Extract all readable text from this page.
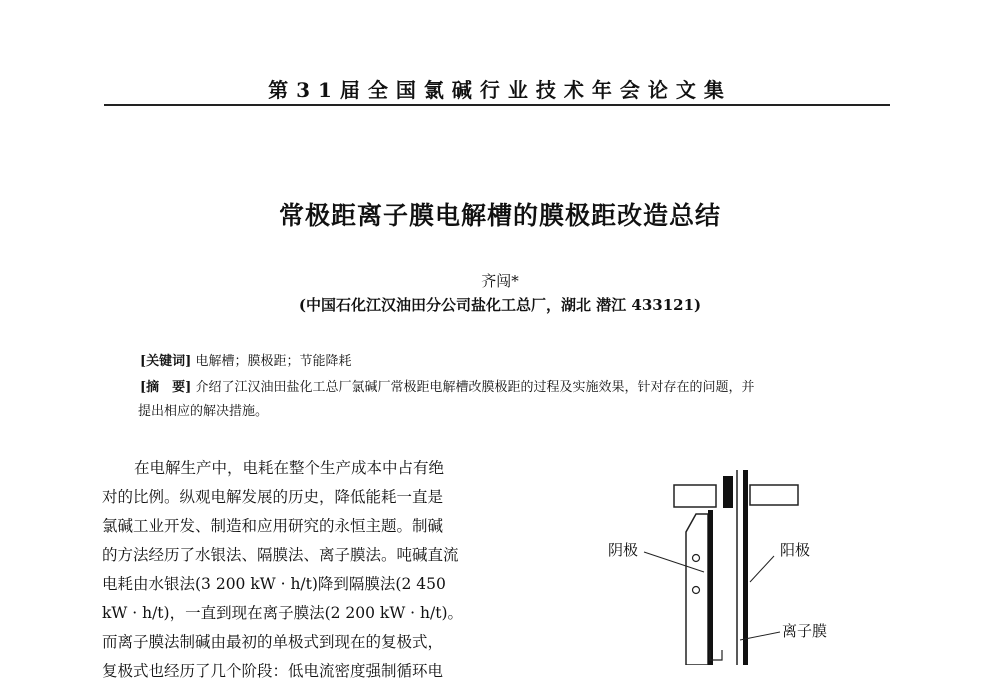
第31届全国氯碱行业技术年会论文集
常极距离子膜电解槽的膜极距改造总结
齐闯*
(中国石化江汉油田分公司盐化工总厂，湖北 潜江 433121)
[关键词] 电解槽；膜极距；节能降耗
[摘　要] 介绍了江汉油田盐化工总厂氯碱厂常极距电解槽改膜极距的过程及实施效果，针对存在的问题，并
提出相应的解决措施。
在电解生产中，电耗在整个生产成本中占有绝
对的比例。纵观电解发展的历史，降低能耗一直是
氯碱工业开发、制造和应用研究的永恒主题。制碱
的方法经历了水银法、隔膜法、离子膜法。吨碱直流
电耗由水银法(3 200 kW · h/t)降到隔膜法(2 450
kW · h/t)，一直到现在离子膜法(2 200 kW · h/t)。
而离子膜法制碱由最初的单极式到现在的复极式，
复极式也经历了几个阶段：低电流密度强制循环电
阴极	阳极
离子膜
